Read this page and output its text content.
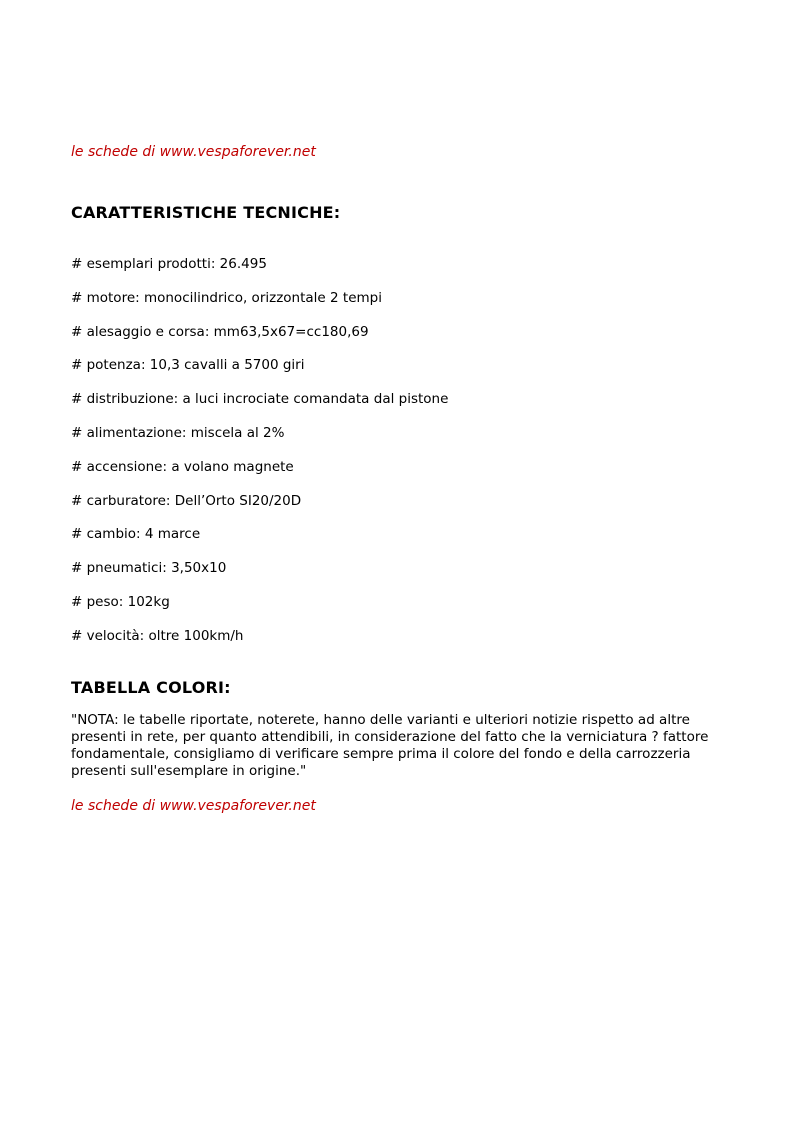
le schede di www.vespaforever.net
CARATTERISTICHE TECNICHE:
# esemplari prodotti: 26.495
# motore: monocilindrico, orizzontale 2 tempi
# alesaggio e corsa: mm63,5x67=cc180,69
# potenza: 10,3 cavalli a 5700 giri
# distribuzione: a luci incrociate comandata dal pistone
# alimentazione: miscela al 2%
# accensione: a volano magnete
# carburatore: Dell’Orto SI20/20D
# cambio: 4 marce
# pneumatici: 3,50x10
# peso: 102kg
# velocità: oltre 100km/h
TABELLA COLORI:

"NOTA: le tabelle riportate, noterete, hanno delle varianti e ulteriori notizie rispetto ad altre presenti in rete, per quanto attendibili, in considerazione del fatto che la verniciatura ? fattore fondamentale, consigliamo di verificare sempre prima il colore del fondo e della carrozzeria presenti sull'esemplare in origine."

le schede di www.vespaforever.net
